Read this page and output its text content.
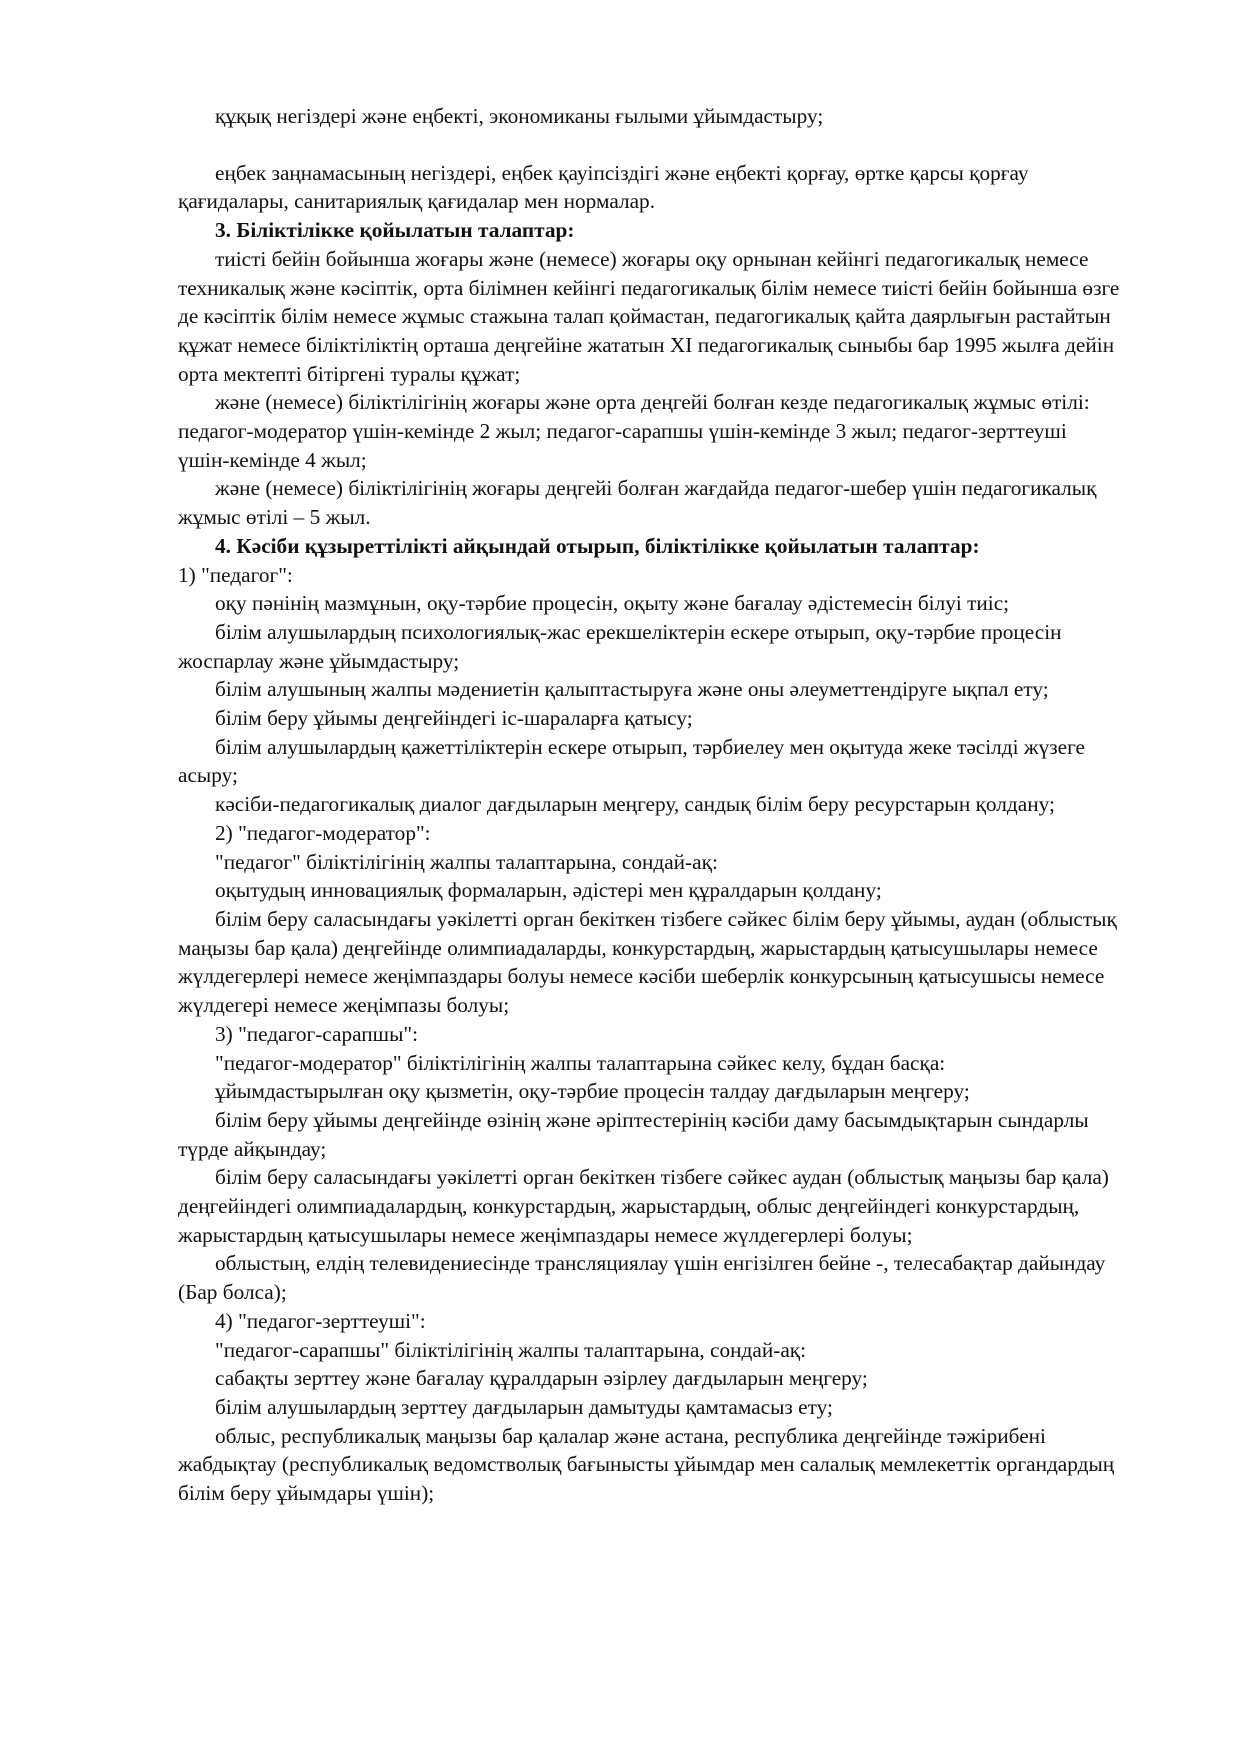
құқық негіздері және еңбекті, экономиканы ғылыми ұйымдастыру;

еңбек заңнамасының негіздері, еңбек қауіпсіздігі және еңбекті қорғау, өртке қарсы қорғау қағидалары, санитариялық қағидалар мен нормалар.

3. Біліктілікке қойылатын талаптар:

тиісті бейін бойынша жоғары және (немесе) жоғары оқу орнынан кейінгі педагогикалық немесе техникалық және кәсіптік, орта білімнен кейінгі педагогикалық білім немесе тиісті бейін бойынша өзге де кәсіптік білім немесе жұмыс стажына талап қоймастан, педагогикалық қайта даярлығын растайтын құжат немесе біліктіліктің орташа деңгейіне жататын XI педагогикалық сыныбы бар 1995 жылға дейін орта мектепті бітіргені туралы құжат;

және (немесе) біліктілігінің жоғары және орта деңгейі болған кезде педагогикалық жұмыс өтілі: педагог-модератор үшін-кемінде 2 жыл; педагог-сарапшы үшін-кемінде 3 жыл; педагог-зерттеуші үшін-кемінде 4 жыл;

және (немесе) біліктілігінің жоғары деңгейі болған жағдайда педагог-шебер үшін педагогикалық жұмыс өтілі – 5 жыл.

4. Кәсіби құзыреттілікті айқындай отырып, біліктілікке қойылатын талаптар:

1) "педагог":

оқу пәнінің мазмұнын, оқу-тәрбие процесін, оқыту және бағалау әдістемесін білуі тиіс;

білім алушылардың психологиялық-жас ерекшеліктерін ескере отырып, оқу-тәрбие процесін жоспарлау және ұйымдастыру;

білім алушының жалпы мәдениетін қалыптастыруға және оны әлеуметтендіруге ықпал ету;

білім беру ұйымы деңгейіндегі іс-шараларға қатысу;

білім алушылардың қажеттіліктерін ескере отырып, тәрбиелеу мен оқытуда жеке тәсілді жүзеге асыру;

кәсіби-педагогикалық диалог дағдыларын меңгеру, сандық білім беру ресурстарын қолдану;

2) "педагог-модератор":

"педагог" біліктілігінің жалпы талаптарына, сондай-ақ:

оқытудың инновациялық формаларын, әдістері мен құралдарын қолдану;

білім беру саласындағы уәкілетті орган бекіткен тізбеге сәйкес білім беру ұйымы, аудан (облыстық маңызы бар қала) деңгейінде олимпиадаларды, конкурстардың, жарыстардың қатысушылары немесе жүлдегерлері немесе жеңімпаздары болуы немесе кәсіби шеберлік конкурсының қатысушысы немесе жүлдегері немесе жеңімпазы болуы;

3) "педагог-сарапшы":

"педагог-модератор" біліктілігінің жалпы талаптарына сәйкес келу, бұдан басқа:

ұйымдастырылған оқу қызметін, оқу-тәрбие процесін талдау дағдыларын меңгеру;

білім беру ұйымы деңгейінде өзінің және әріптестерінің кәсіби даму басымдықтарын сындарлы түрде айқындау;

білім беру саласындағы уәкілетті орган бекіткен тізбеге сәйкес аудан (облыстық маңызы бар қала) деңгейіндегі олимпиадалардың, конкурстардың, жарыстардың, облыс деңгейіндегі конкурстардың, жарыстардың қатысушылары немесе жеңімпаздары немесе жүлдегерлері болуы;

облыстың, елдің телевидениесінде трансляциялау үшін енгізілген бейне -, телесабақтар дайындау (Бар болса);

4) "педагог-зерттеуші":

"педагог-сарапшы" біліктілігінің жалпы талаптарына, сондай-ақ:

сабақты зерттеу және бағалау құралдарын әзірлеу дағдыларын меңгеру;

білім алушылардың зерттеу дағдыларын дамытуды қамтамасыз ету;

облыс, республикалық маңызы бар қалалар және астана, республика деңгейінде тәжірибені жабдықтау (республикалық ведомстволық бағынысты ұйымдар мен салалық мемлекеттік органдардың білім беру ұйымдары үшін);
